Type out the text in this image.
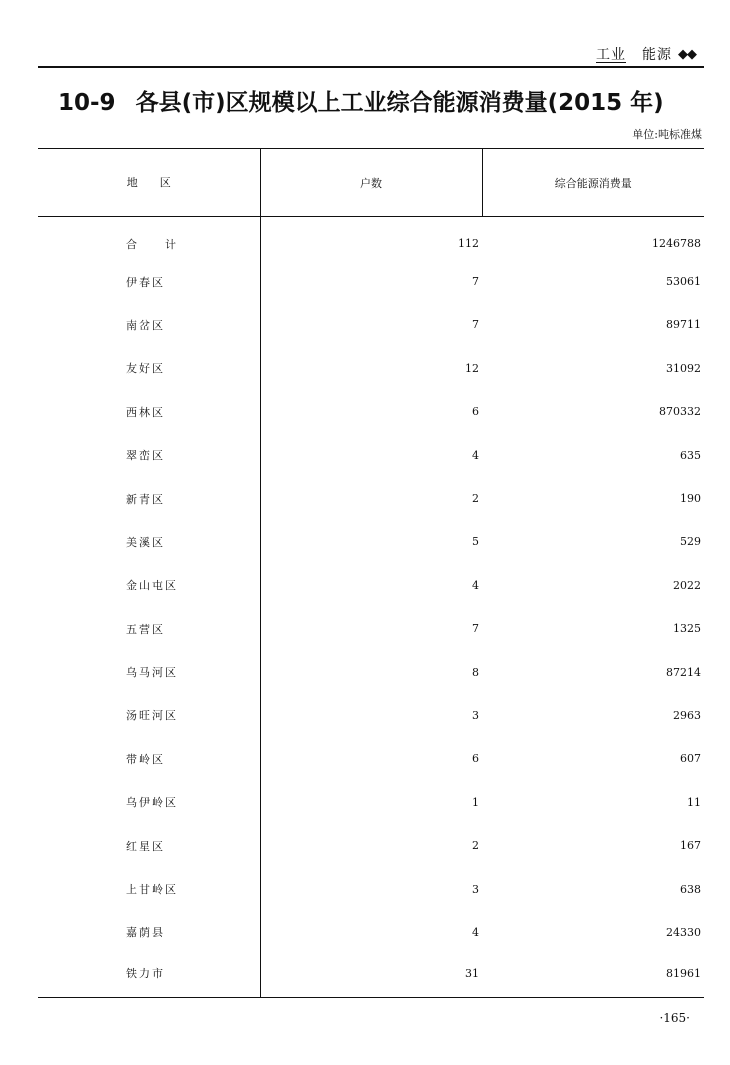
工业 能源 ◆◆
10-9 各县(市)区规模以上工业综合能源消费量(2015 年)
单位:吨标准煤
地　　区	户数	综合能源消费量
合　　计	112	1246788
伊春区	7	53061
南岔区	7	89711
友好区	12	31092
西林区	6	870332
翠峦区	4	635
新青区	2	190
美溪区	5	529
金山屯区	4	2022
五营区	7	1325
乌马河区	8	87214
汤旺河区	3	2963
带岭区	6	607
乌伊岭区	1	11
红星区	2	167
上甘岭区	3	638
嘉荫县	4	24330
铁力市	31	81961
·165·
